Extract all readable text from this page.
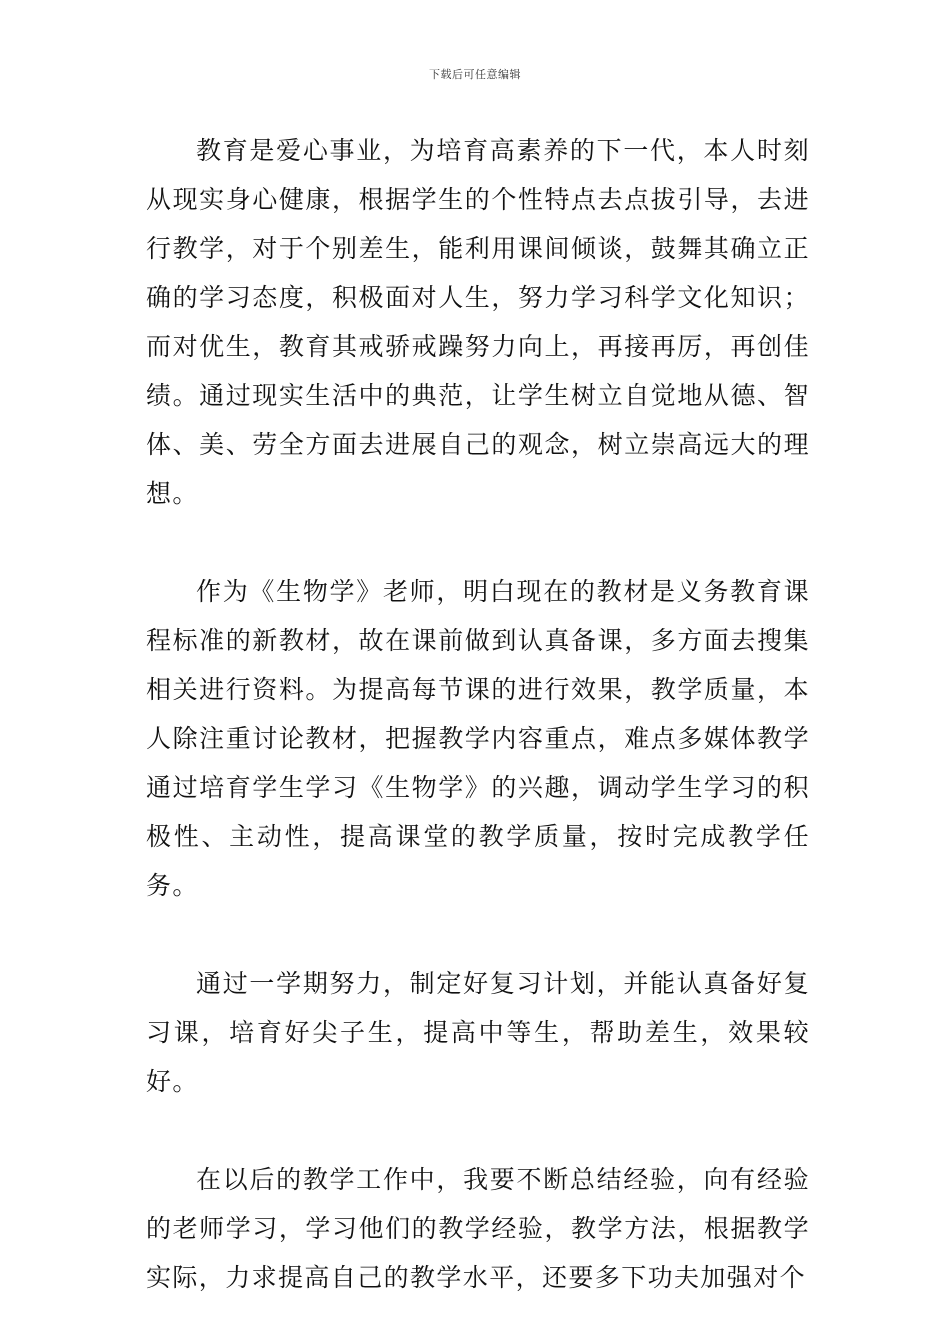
下载后可任意编辑

教育是爱心事业，为培育高素养的下一代，本人时刻从现实身心健康，根据学生的个性特点去点拔引导，去进行教学，对于个别差生，能利用课间倾谈，鼓舞其确立正确的学习态度，积极面对人生，努力学习科学文化知识；而对优生，教育其戒骄戒躁努力向上，再接再厉，再创佳绩。通过现实生活中的典范，让学生树立自觉地从德、智体、美、劳全方面去进展自己的观念，树立崇高远大的理想。

作为《生物学》老师，明白现在的教材是义务教育课程标准的新教材，故在课前做到认真备课，多方面去搜集相关进行资料。为提高每节课的进行效果，教学质量，本人除注重讨论教材，把握教学内容重点，难点多媒体教学通过培育学生学习《生物学》的兴趣，调动学生学习的积极性、主动性，提高课堂的教学质量，按时完成教学任务。

通过一学期努力，制定好复习计划，并能认真备好复习课，培育好尖子生，提高中等生，帮助差生，效果较好。

在以后的教学工作中，我要不断总结经验，向有经验的老师学习，学习他们的教学经验，教学方法，根据教学实际，力求提高自己的教学水平，还要多下功夫加强对个
